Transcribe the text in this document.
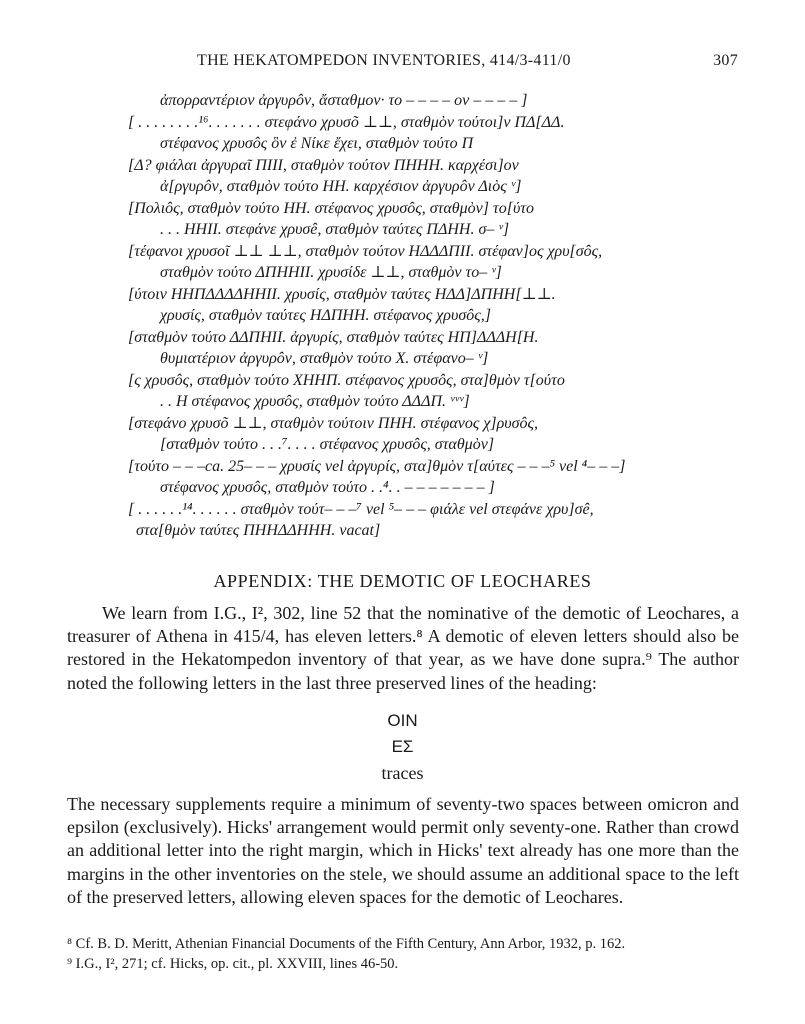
THE HEKATOMPEDON INVENTORIES, 414/3-411/0	307
ἀπορραντέριον ἀργυρôν, ἄσταθμον· το – – – – ον – – – – ]
[ . . . . . . . .¹⁶. . . . . . . στεφάνο χρυσõ ⊥⊥, σταθμὸν τούτοι]ν ΠΔ[ΔΔ.
στέφανος χρυσôς ὃν ἐ Νίκε ἔχει, σταθμὸν τούτο Π
[Δ? φιάλαι ἀργυραῖ ΠΙΙΙ, σταθμὸν τούτον ΠΗΗΗ. καρχέσι]ον
ἀ[ργυρôν, σταθμὸν τούτο ΗΗ. καρχέσιον ἀργυρôν Διὸς ᵛ]
[Πολιôς, σταθμὸν τούτο ΗΗ. στέφανος χρυσôς, σταθμὸν] το[ύτο
. . . ΗΗΙΙ. στεφάνε χρυσê, σταθμὸν ταύτες ΠΔΗΗ. σ– ᵛ]
[τέφανοι χρυσοῖ ⊥⊥ ⊥⊥, σταθμὸν τούτον ΗΔΔΔΠΙΙ. στέφαν]ος χρυ[σôς,
σταθμὸν τούτο ΔΠΗΗΙΙ. χρυσίδε ⊥⊥, σταθμὸν το– ᵛ]
[ύτοιν ΗΗΠΔΔΔΔΗΗΙΙ. χρυσίς, σταθμὸν ταύτες ΗΔΔ]ΔΠΗΗ[⊥⊥.
χρυσίς, σταθμὸν ταύτες ΗΔΠΗΗ. στέφανος χρυσôς,]
[σταθμὸν τούτο ΔΔΠΗΙΙ. ἀργυρίς, σταθμὸν ταύτες ΗΠ]ΔΔΔΗ[Η.
θυμιατέριον ἀργυρôν, σταθμὸν τούτο Χ. στέφανο– ᵛ]
[ς χρυσôς, σταθμὸν τούτο ΧΗΗΠ. στέφανος χρυσôς, στα]θμὸν τ[ούτο
. . Η στέφανος χρυσôς, σταθμὸν τούτο ΔΔΔΠ. ᵛᵛᵛ]
[στεφάνο χρυσõ ⊥⊥, σταθμὸν τούτοιν ΠΗΗ. στέφανος χ]ρυσôς,
[σταθμὸν τούτο . . .⁷. . . . στέφανος χρυσôς, σταθμὸν]
[τούτο – – –ca. 25– – – χρυσίς vel ἀργυρίς, στα]θμὸν τ[αύτες – – –⁵ vel ⁴– – –]
στέφανος χρυσôς, σταθμὸν τούτο . .⁴. . – – – – – – – ]
[ . . . . . .¹⁴. . . . . . σταθμὸν τούτ– – –⁷ vel ⁵– – – φιάλε vel στεφάνε χρυ]σê,
στα[θμὸν ταύτες ΠΗΗΔΔΗΗΗ. vacat]
APPENDIX: THE DEMOTIC OF LEOCHARES
We learn from I.G., I², 302, line 52 that the nominative of the demotic of Leochares, a treasurer of Athena in 415/4, has eleven letters.⁸ A demotic of eleven letters should also be restored in the Hekatompedon inventory of that year, as we have done supra.⁹ The author noted the following letters in the last three preserved lines of the heading:
ΟΙΝ
ΕΣ
traces
The necessary supplements require a minimum of seventy-two spaces between omicron and epsilon (exclusively). Hicks' arrangement would permit only seventy-one. Rather than crowd an additional letter into the right margin, which in Hicks' text already has one more than the margins in the other inventories on the stele, we should assume an additional space to the left of the preserved letters, allowing eleven spaces for the demotic of Leochares.
⁸ Cf. B. D. Meritt, Athenian Financial Documents of the Fifth Century, Ann Arbor, 1932, p. 162.
⁹ I.G., I², 271; cf. Hicks, op. cit., pl. XXVIII, lines 46-50.
